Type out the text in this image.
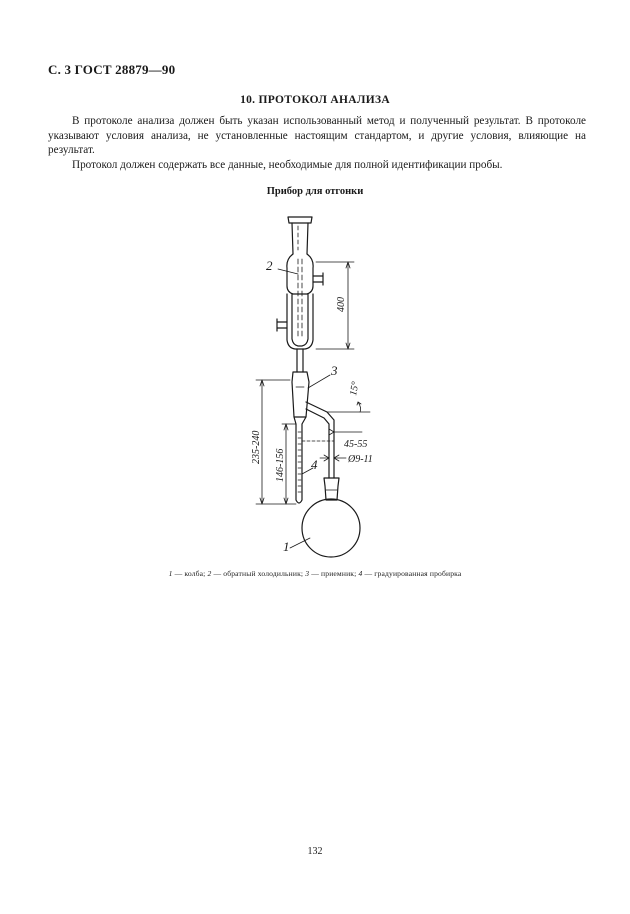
С. 3 ГОСТ 28879—90
10. ПРОТОКОЛ АНАЛИЗА

В протоколе анализа должен быть указан использованный метод и полученный результат. В протоколе указывают условия анализа, не установленные настоящим стандартом, и другие условия, влияющие на результат.

Протокол должен содержать все данные, необходимые для полной идентификации пробы.

Прибор для отгонки
2
3
4
1
400
235-240
146-156
15°
45-55
Ø9-11
1 — колба; 2 — обратный холодильник; 3 — приемник; 4 — градуированная пробирка
132
